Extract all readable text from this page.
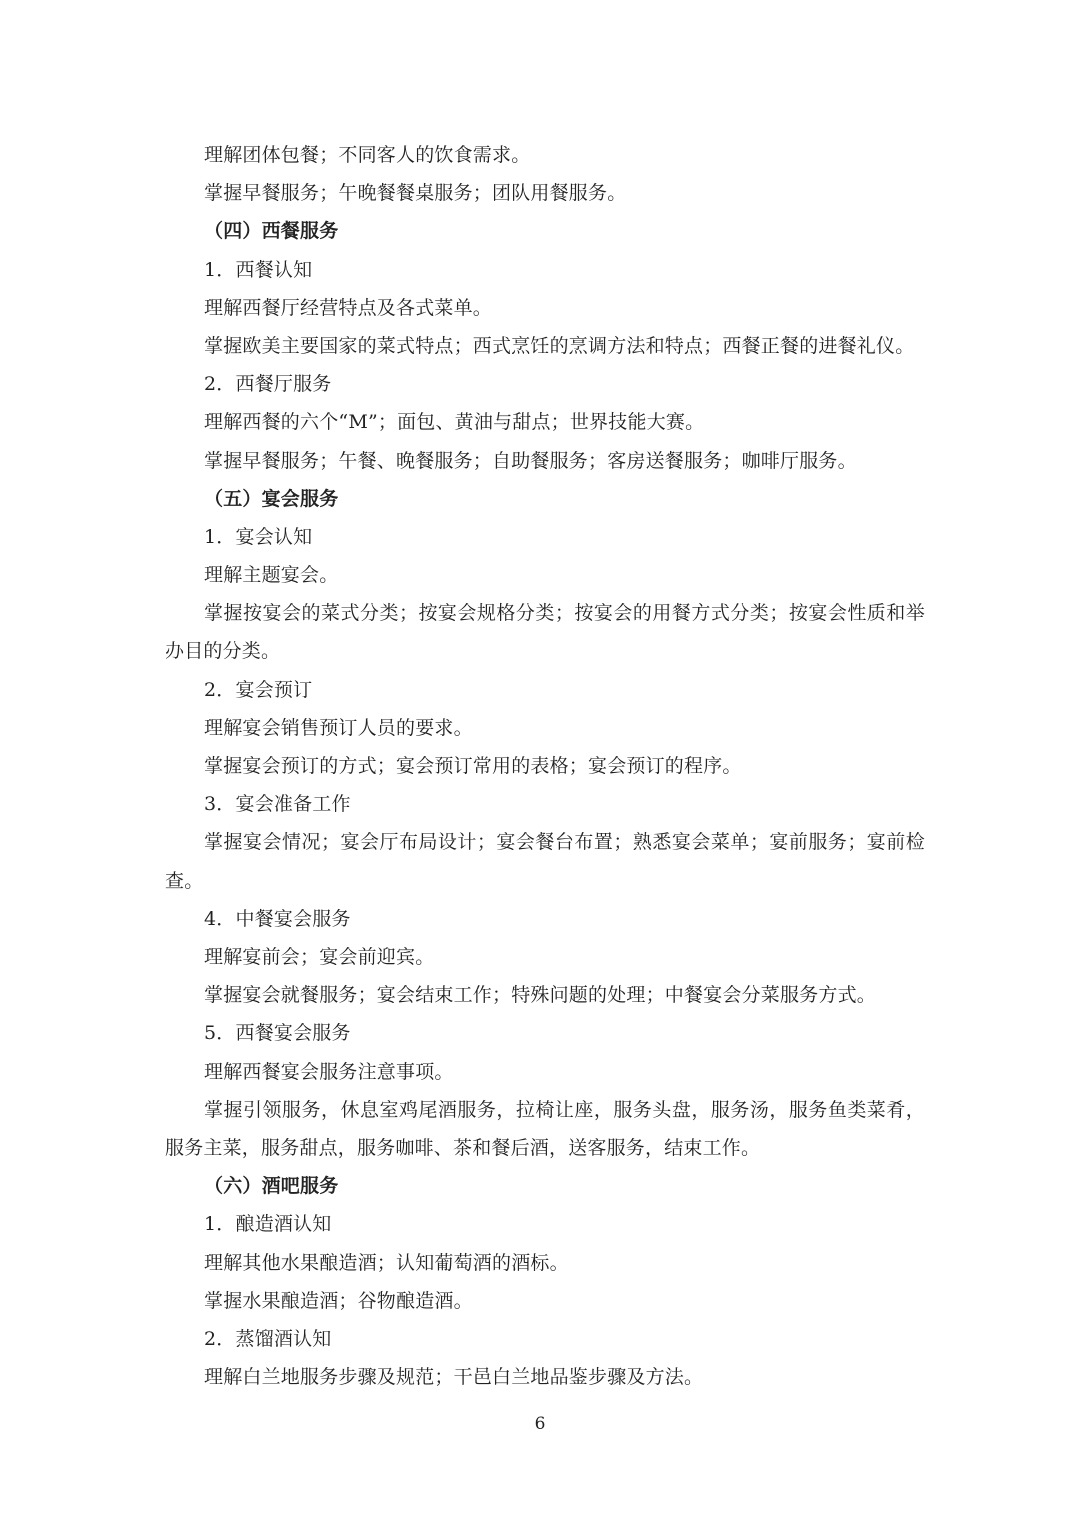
理解团体包餐；不同客人的饮食需求。
掌握早餐服务；午晚餐餐桌服务；团队用餐服务。
（四）西餐服务
1．西餐认知
理解西餐厅经营特点及各式菜单。
掌握欧美主要国家的菜式特点；西式烹饪的烹调方法和特点；西餐正餐的进餐礼仪。
2．西餐厅服务
理解西餐的六个“M”；面包、黄油与甜点；世界技能大赛。
掌握早餐服务；午餐、晚餐服务；自助餐服务；客房送餐服务；咖啡厅服务。
（五）宴会服务
1．宴会认知
理解主题宴会。
掌握按宴会的菜式分类；按宴会规格分类；按宴会的用餐方式分类；按宴会性质和举办目的分类。
2．宴会预订
理解宴会销售预订人员的要求。
掌握宴会预订的方式；宴会预订常用的表格；宴会预订的程序。
3．宴会准备工作
掌握宴会情况；宴会厅布局设计；宴会餐台布置；熟悉宴会菜单；宴前服务；宴前检查。
4．中餐宴会服务
理解宴前会；宴会前迎宾。
掌握宴会就餐服务；宴会结束工作；特殊问题的处理；中餐宴会分菜服务方式。
5．西餐宴会服务
理解西餐宴会服务注意事项。
掌握引领服务，休息室鸡尾酒服务，拉椅让座，服务头盘，服务汤，服务鱼类菜肴，服务主菜，服务甜点，服务咖啡、茶和餐后酒，送客服务，结束工作。
（六）酒吧服务
1．酿造酒认知
理解其他水果酿造酒；认知葡萄酒的酒标。
掌握水果酿造酒；谷物酿造酒。
2．蒸馏酒认知
理解白兰地服务步骤及规范；干邑白兰地品鉴步骤及方法。
6
